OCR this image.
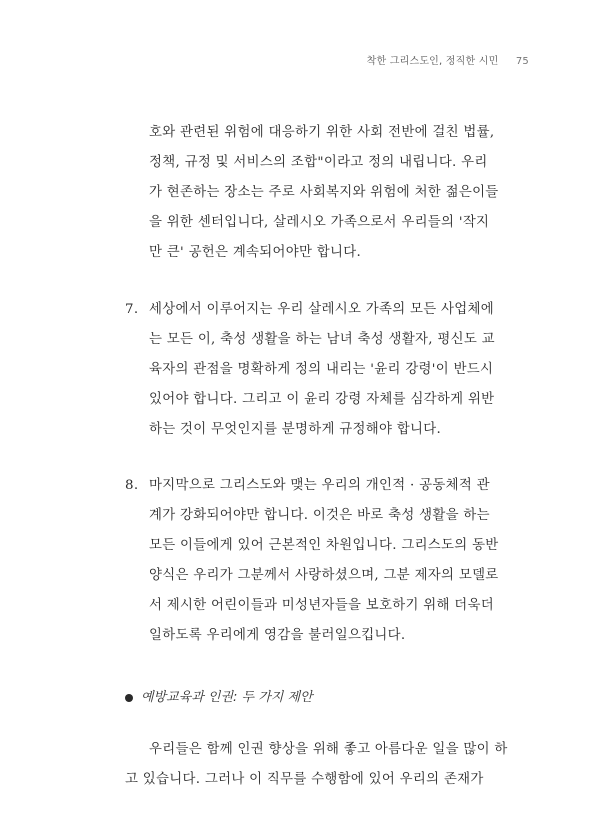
착한 그리스도인, 정직한 시민 75
호와 관련된 위험에 대응하기 위한 사회 전반에 걸친 법률,
정책, 규정 및 서비스의 조합"이라고 정의 내립니다. 우리
가 현존하는 장소는 주로 사회복지와 위험에 처한 젊은이들
을 위한 센터입니다, 살레시오 가족으로서 우리들의 '작지
만 큰' 공헌은 계속되어야만 합니다.
7. 세상에서 이루어지는 우리 살레시오 가족의 모든 사업체에
는 모든 이, 축성 생활을 하는 남녀 축성 생활자, 평신도 교
육자의 관점을 명확하게 정의 내리는 '윤리 강령'이 반드시
있어야 합니다. 그리고 이 윤리 강령 자체를 심각하게 위반
하는 것이 무엇인지를 분명하게 규정해야 합니다.
8. 마지막으로 그리스도와 맺는 우리의 개인적 · 공동체적 관
계가 강화되어야만 합니다. 이것은 바로 축성 생활을 하는
모든 이들에게 있어 근본적인 차원입니다. 그리스도의 동반
양식은 우리가 그분께서 사랑하셨으며, 그분 제자의 모델로
서 제시한 어린이들과 미성년자들을 보호하기 위해 더욱더
일하도록 우리에게 영감을 불러일으킵니다.
예방교육과 인권: 두 가지 제안
우리들은 함께 인권 향상을 위해 좋고 아름다운 일을 많이 하
고 있습니다. 그러나 이 직무를 수행함에 있어 우리의 존재가
